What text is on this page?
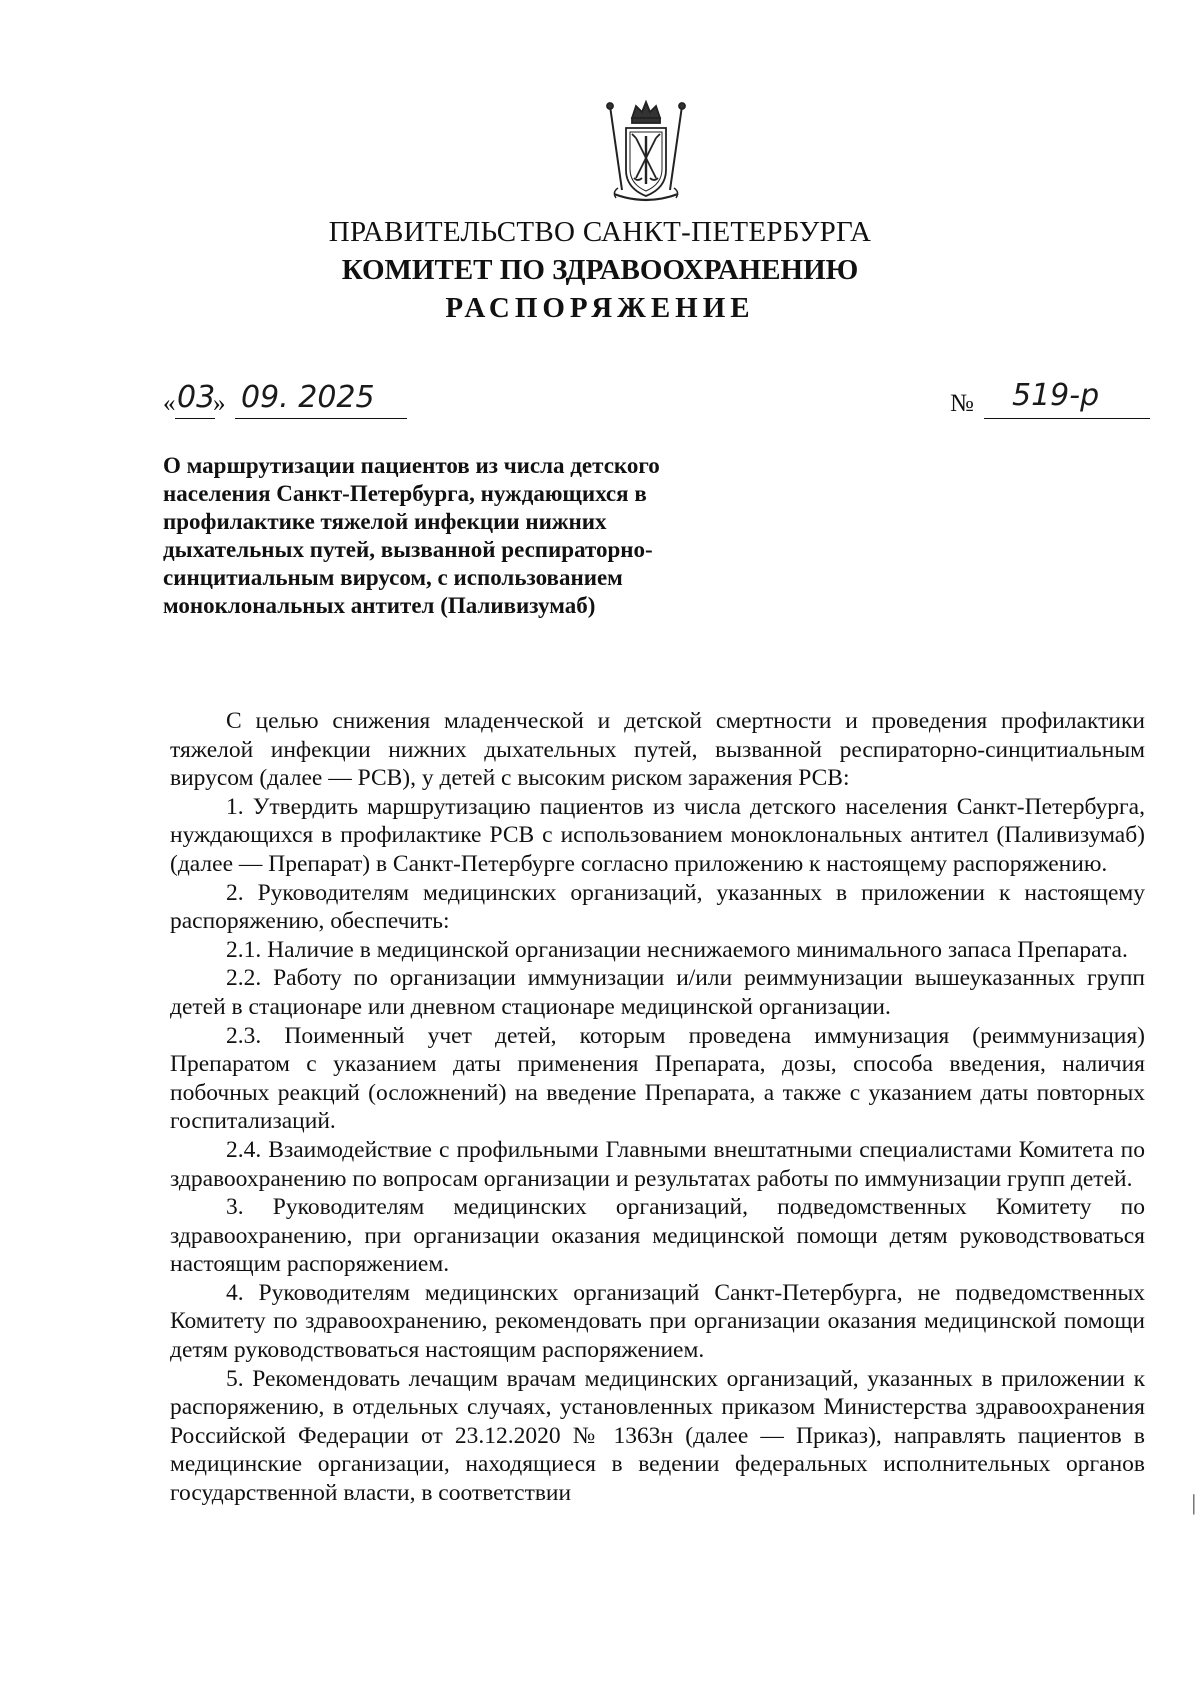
ПРАВИТЕЛЬСТВО САНКТ-ПЕТЕРБУРГА
КОМИТЕТ ПО ЗДРАВООХРАНЕНИЮ
РАСПОРЯЖЕНИЕ
« 03
» 09. 2025	№ 519-р
О маршрутизации пациентов из числа детского населения Санкт-Петербурга, нуждающихся в профилактике тяжелой инфекции нижних дыхательных путей, вызванной респираторно-синцитиальным вирусом, с использованием моноклональных антител (Паливизумаб)

С целью снижения младенческой и детской смертности и проведения профилактики тяжелой инфекции нижних дыхательных путей, вызванной респираторно-синцитиальным вирусом (далее — РСВ), у детей с высоким риском заражения РСВ:

1. Утвердить маршрутизацию пациентов из числа детского населения Санкт-Петербурга, нуждающихся в профилактике РСВ с использованием моноклональных антител (Паливизумаб) (далее — Препарат) в Санкт-Петербурге согласно приложению к настоящему распоряжению.

2. Руководителям медицинских организаций, указанных в приложении к настоящему распоряжению, обеспечить:

2.1. Наличие в медицинской организации неснижаемого минимального запаса Препарата.

2.2. Работу по организации иммунизации и/или реиммунизации вышеуказанных групп детей в стационаре или дневном стационаре медицинской организации.

2.3. Поименный учет детей, которым проведена иммунизация (реиммунизация) Препаратом с указанием даты применения Препарата, дозы, способа введения, наличия побочных реакций (осложнений) на введение Препарата, а также с указанием даты повторных госпитализаций.

2.4. Взаимодействие с профильными Главными внештатными специалистами Комитета по здравоохранению по вопросам организации и результатах работы по иммунизации групп детей.

3. Руководителям медицинских организаций, подведомственных Комитету по здравоохранению, при организации оказания медицинской помощи детям руководствоваться настоящим распоряжением.

4. Руководителям медицинских организаций Санкт-Петербурга, не подведомственных Комитету по здравоохранению, рекомендовать при организации оказания медицинской помощи детям руководствоваться настоящим распоряжением.

5. Рекомендовать лечащим врачам медицинских организаций, указанных в приложении к распоряжению, в отдельных случаях, установленных приказом Министерства здравоохранения Российской Федерации от 23.12.2020 № 1363н (далее — Приказ), направлять пациентов в медицинские организации, находящиеся в ведении федеральных исполнительных органов государственной власти, в соответствии	|
